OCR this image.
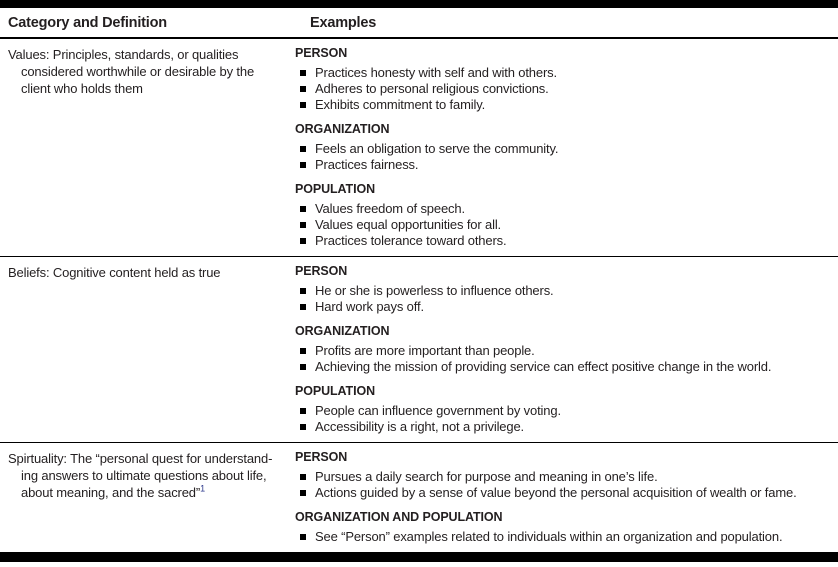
Category and Definition	Examples
Values: Principles, standards, or qualities
considered worthwhile or desirable by the
client who holds them
PERSON
Practices honesty with self and with others.
Adheres to personal religious convictions.
Exhibits commitment to family.
ORGANIZATION
Feels an obligation to serve the community.
Practices fairness.
POPULATION
Values freedom of speech.
Values equal opportunities for all.
Practices tolerance toward others.
Beliefs: Cognitive content held as true	PERSON
He or she is powerless to influence others.
Hard work pays off.
ORGANIZATION
Profits are more important than people.
Achieving the mission of providing service can effect positive change in the world.
POPULATION
People can influence government by voting.
Accessibility is a right, not a privilege.
Spirtuality: The “personal quest for understand-
ing answers to ultimate questions about life,
about meaning, and the sacred”$^1$
PERSON
Pursues a daily search for purpose and meaning in one’s life.
Actions guided by a sense of value beyond the personal acquisition of wealth or fame.
ORGANIZATION AND POPULATION
See “Person” examples related to individuals within an organization and population.
